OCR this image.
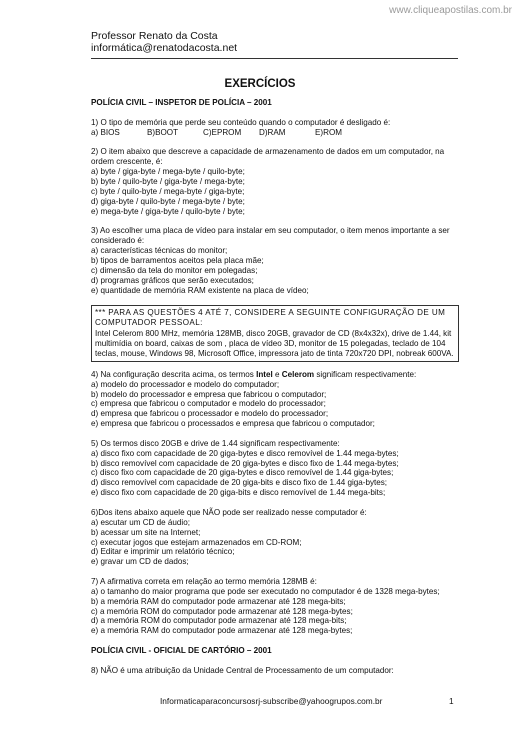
www.cliqueapostilas.com.br
Professor Renato da Costa
informática@renatodacosta.net
EXERCÍCIOS
POLÍCIA CIVIL – INSPETOR DE POLÍCIA – 2001

1) O tipo de memória que perde seu conteúdo quando o computador é desligado é:

a) BIOS	B)BOOT	C)EPROM	D)RAM	E)ROM

2) O item abaixo que descreve a capacidade de armazenamento de dados em um computador, na ordem crescente, é:

a) byte / giga-byte / mega-byte / quilo-byte;

b) byte / quilo-byte / giga-byte / mega-byte;

c) byte / quilo-byte / mega-byte / giga-byte;

d) giga-byte / quilo-byte / mega-byte / byte;

e) mega-byte / giga-byte / quilo-byte / byte;

3) Ao escolher uma placa de vídeo para instalar em seu computador, o item menos importante a ser considerado é:

a) características técnicas do monitor;

b) tipos de barramentos aceitos pela placa mãe;

c) dimensão da tela do monitor em polegadas;

d) programas gráficos que serão executados;

e) quantidade de memória RAM existente na placa de vídeo;

*** PARA AS QUESTÕES 4 ATÉ 7, CONSIDERE A SEGUINTE CONFIGURAÇÃO DE UM COMPUTADOR PESSOAL:
Intel Celerom 800 MHz, memória 128MB, disco 20GB, gravador de CD (8x4x32x), drive de 1.44, kit multimídia on board, caixas de som , placa de vídeo 3D, monitor de 15 polegadas, teclado de 104 teclas, mouse, Windows 98, Microsoft Office, impressora jato de tinta 720x720 DPI, nobreak 600VA.

4) Na configuração descrita acima, os termos Intel e Celerom significam respectivamente:

a) modelo do processador e modelo do computador;

b) modelo do processador e empresa que fabricou o computador;

c) empresa que fabricou o computador e modelo do processador;

d) empresa que fabricou o processador e modelo do processador;

e) empresa que fabricou o processados e empresa que fabricou o computador;

5) Os termos disco 20GB e drive de 1.44 significam respectivamente:

a) disco fixo com capacidade de 20 giga-bytes e disco removível de 1.44 mega-bytes;

b) disco removível com capacidade de 20 giga-bytes e disco fixo de 1.44 mega-bytes;

c) disco fixo com capacidade de 20 giga-bytes e disco removível de 1.44 giga-bytes;

d) disco removível com capacidade de 20 giga-bits e disco fixo de 1.44 giga-bytes;

e) disco fixo com capacidade de 20 giga-bits e disco removível de 1.44 mega-bits;

6)Dos itens abaixo aquele que NÃO pode ser realizado nesse computador é:

a) escutar um CD de áudio;

b) acessar um site na Internet;

c) executar jogos que estejam armazenados em CD-ROM;

d) Editar e imprimir um relatório técnico;

e) gravar um CD de dados;

7) A afirmativa correta em relação ao termo memória 128MB é:

a) o tamanho do maior programa que pode ser executado no computador é de 1328 mega-bytes;

b) a memória RAM do computador pode armazenar até 128 mega-bits;

c) a memória ROM do computador pode armazenar até 128 mega-bytes;

d) a memória ROM do computador pode armazenar até 128 mega-bits;

e) a memória RAM do computador pode armazenar até 128 mega-bytes;

POLÍCIA CIVIL - OFICIAL DE CARTÓRIO – 2001

8) NÃO é uma atribuição da Unidade Central de Processamento de um computador:

Informaticaparaconcursosrj-subscribe@yahoogrupos.com.br	1
